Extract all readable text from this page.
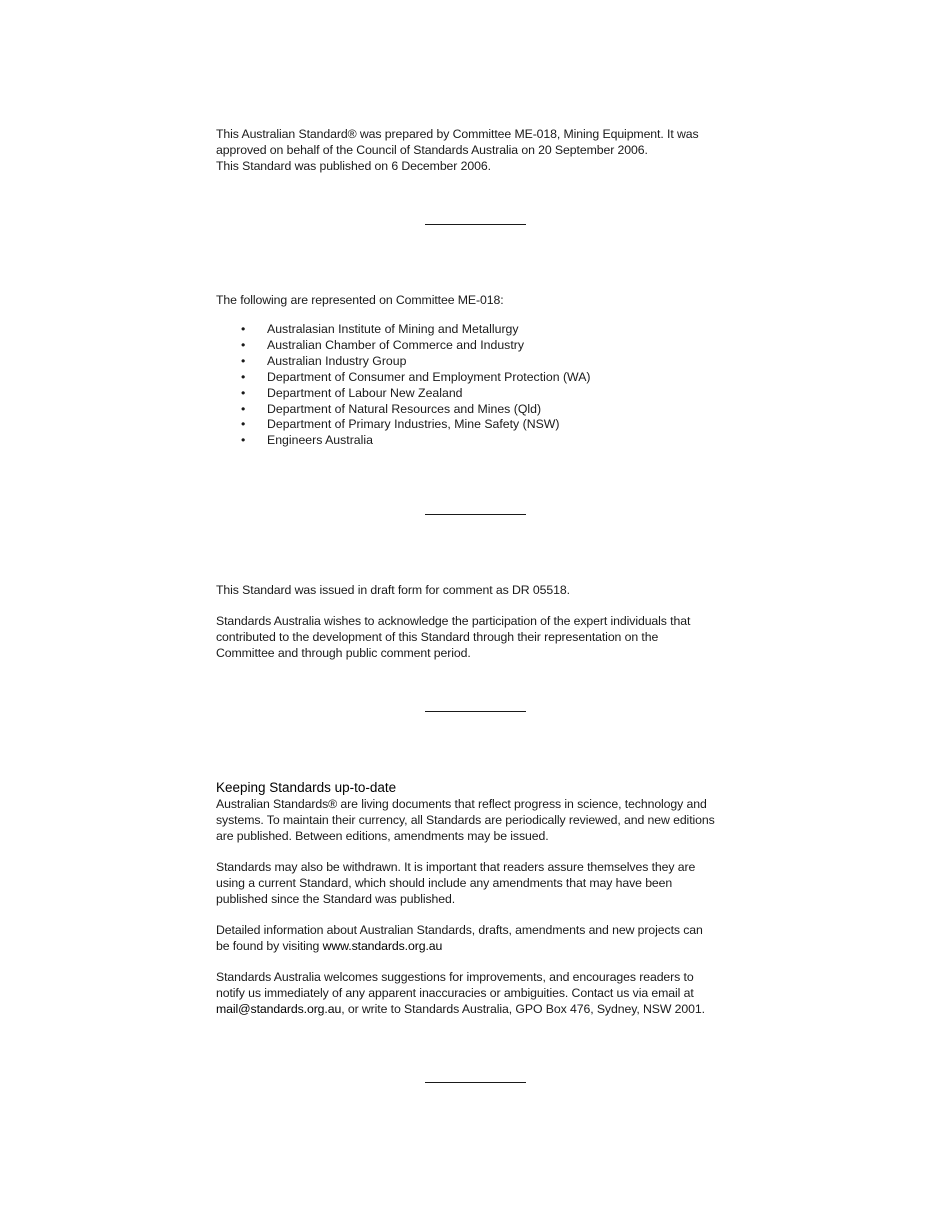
This Australian Standard® was prepared by Committee ME-018, Mining Equipment. It was

approved on behalf of the Council of Standards Australia on 20 September 2006.

This Standard was published on 6 December 2006.

The following are represented on Committee ME-018:

• Australasian Institute of Mining and Metallurgy
• Australian Chamber of Commerce and Industry
• Australian Industry Group
• Department of Consumer and Employment Protection (WA)
• Department of Labour New Zealand
• Department of Natural Resources and Mines (Qld)
• Department of Primary Industries, Mine Safety (NSW)
• Engineers Australia

This Standard was issued in draft form for comment as DR 05518.

Standards Australia wishes to acknowledge the participation of the expert individuals that

contributed to the development of this Standard through their representation on the

Committee and through public comment period.

Keeping Standards up-to-date

Australian Standards® are living documents that reflect progress in science, technology and

systems. To maintain their currency, all Standards are periodically reviewed, and new editions

are published. Between editions, amendments may be issued.

Standards may also be withdrawn. It is important that readers assure themselves they are

using a current Standard, which should include any amendments that may have been

published since the Standard was published.

Detailed information about Australian Standards, drafts, amendments and new projects can

be found by visiting www.standards.org.au

Standards Australia welcomes suggestions for improvements, and encourages readers to

notify us immediately of any apparent inaccuracies or ambiguities. Contact us via email at

mail@standards.org.au, or write to Standards Australia, GPO Box 476, Sydney, NSW 2001.
